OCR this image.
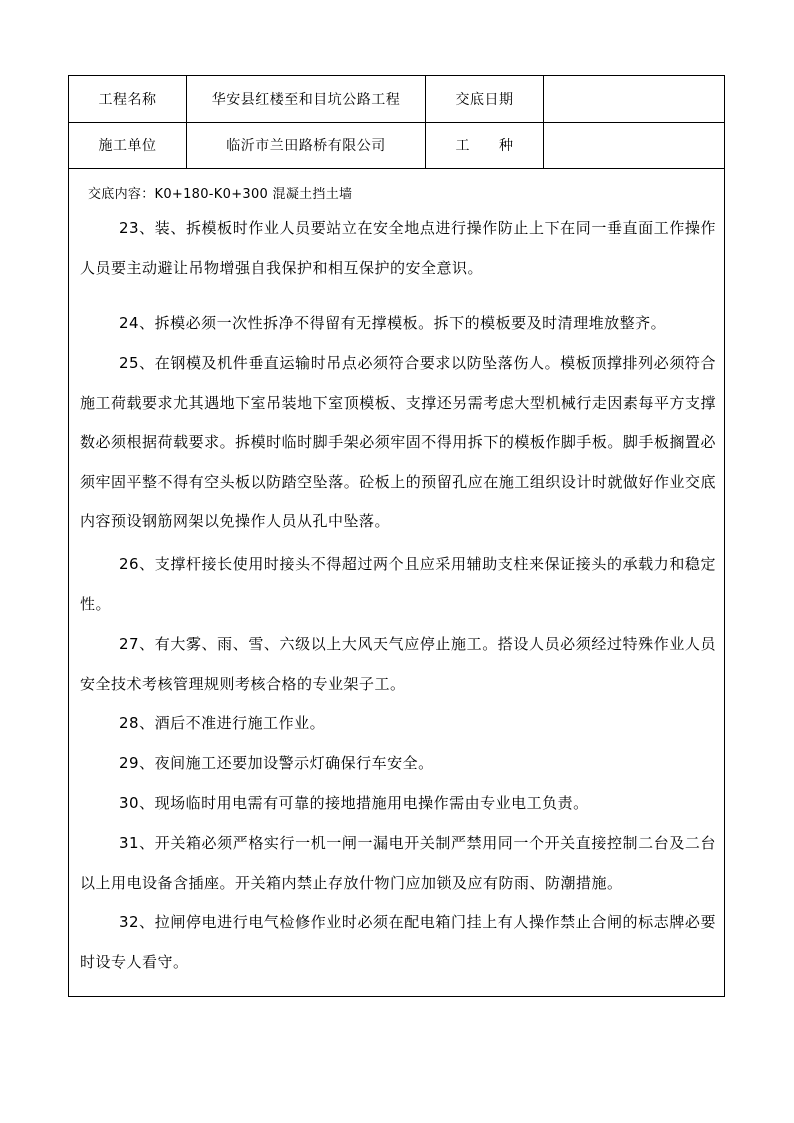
工程名称	华安县红楼至和目坑公路工程	交底日期
施工单位	临沂市兰田路桥有限公司	工　　种
交底内容：K0+180-K0+300 混凝土挡土墙

23、装、拆模板时作业人员要站立在安全地点进行操作防止上下在同一垂直面工作操作人员要主动避让吊物增强自我保护和相互保护的安全意识。

24、拆模必须一次性拆净不得留有无撑模板。拆下的模板要及时清理堆放整齐。

25、在钢模及机件垂直运输时吊点必须符合要求以防坠落伤人。模板顶撑排列必须符合施工荷载要求尤其遇地下室吊装地下室顶模板、支撑还另需考虑大型机械行走因素每平方支撑数必须根据荷载要求。拆模时临时脚手架必须牢固不得用拆下的模板作脚手板。脚手板搁置必须牢固平整不得有空头板以防踏空坠落。砼板上的预留孔应在施工组织设计时就做好作业交底内容预设钢筋网架以免操作人员从孔中坠落。

26、支撑杆接长使用时接头不得超过两个且应采用辅助支柱来保证接头的承载力和稳定性。

27、有大雾、雨、雪、六级以上大风天气应停止施工。搭设人员必须经过特殊作业人员安全技术考核管理规则考核合格的专业架子工。

28、酒后不准进行施工作业。

29、夜间施工还要加设警示灯确保行车安全。

30、现场临时用电需有可靠的接地措施用电操作需由专业电工负责。

31、开关箱必须严格实行一机一闸一漏电开关制严禁用同一个开关直接控制二台及二台以上用电设备含插座。开关箱内禁止存放什物门应加锁及应有防雨、防潮措施。

32、拉闸停电进行电气检修作业时必须在配电箱门挂上有人操作禁止合闸的标志牌必要时设专人看守。
